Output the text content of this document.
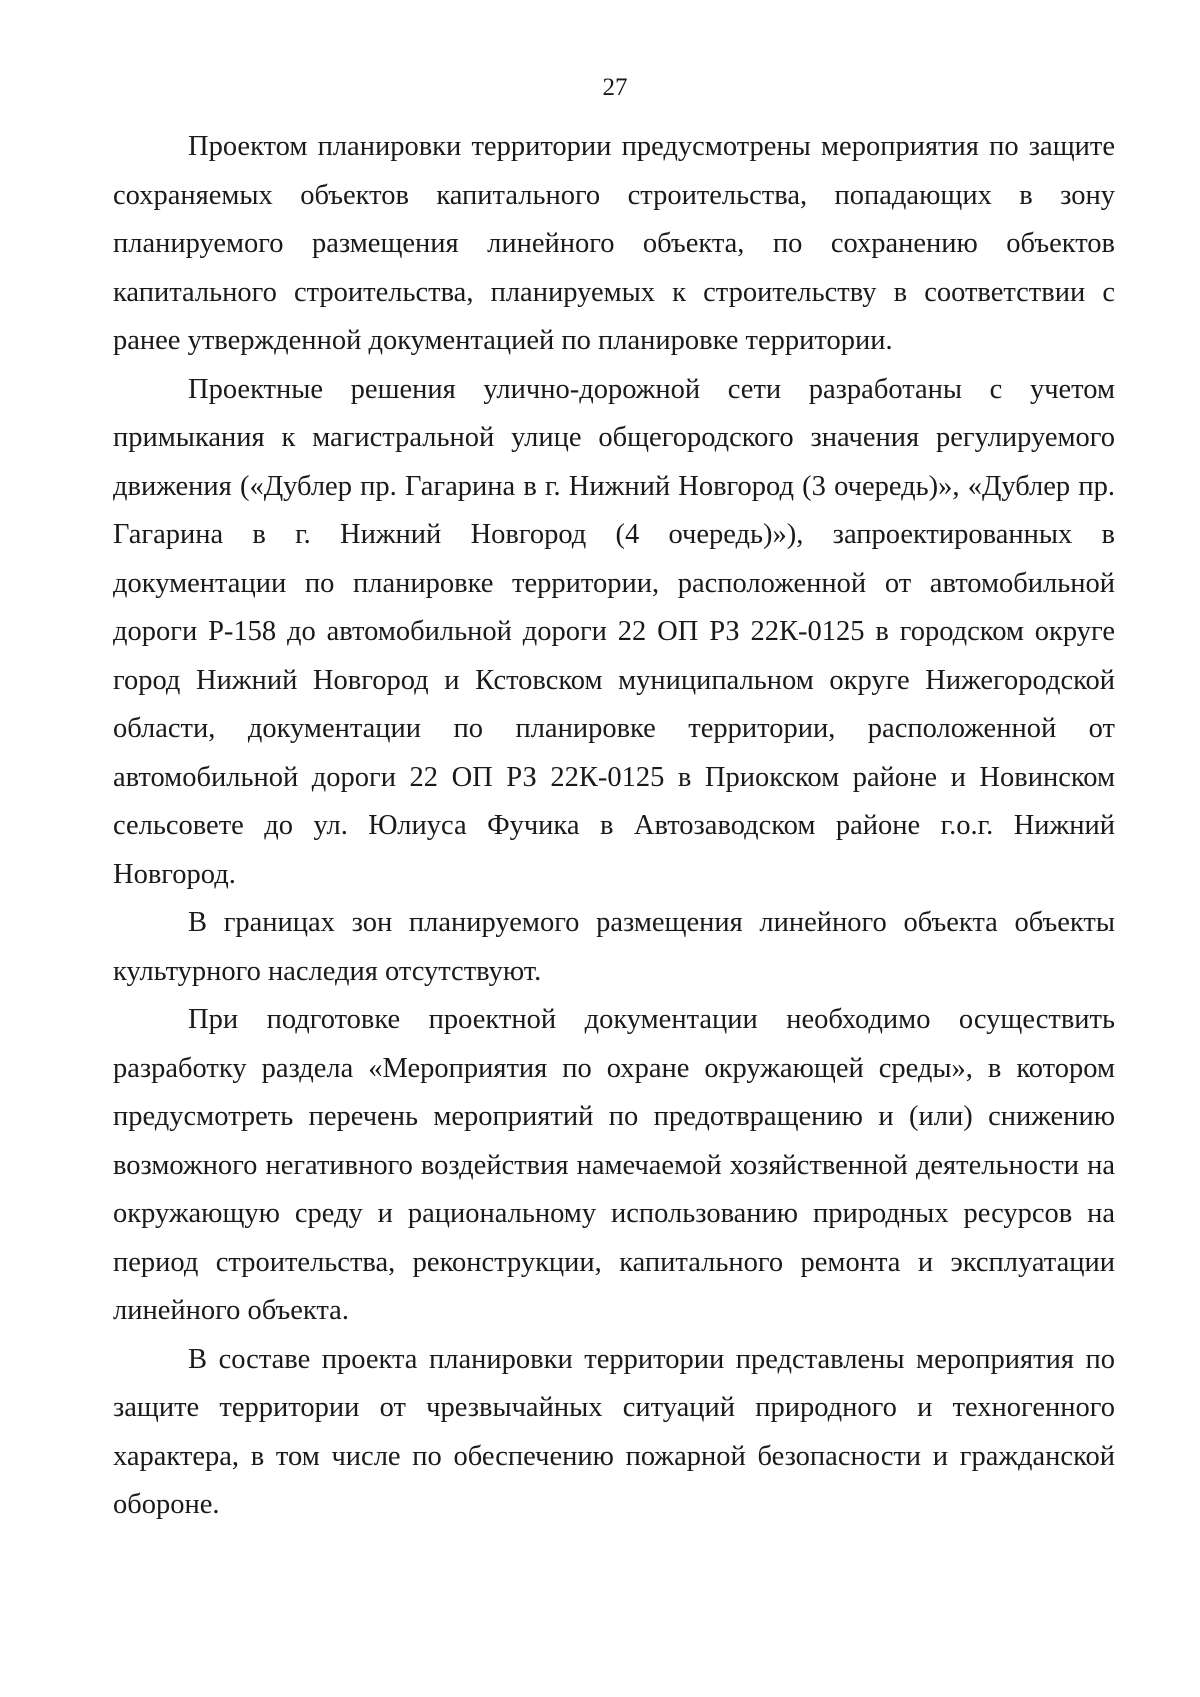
27

Проектом планировки территории предусмотрены мероприятия по защите сохраняемых объектов капитального строительства, попадающих в зону планируемого размещения линейного объекта, по сохранению объектов капитального строительства, планируемых к строительству в соответствии с ранее утвержденной документацией по планировке территории.

Проектные решения улично-дорожной сети разработаны с учетом примыкания к магистральной улице общегородского значения регулируемого движения («Дублер пр. Гагарина в г. Нижний Новгород (3 очередь)», «Дублер пр. Гагарина в г. Нижний Новгород (4 очередь)»), запроектированных в документации по планировке территории, расположенной от автомобильной дороги Р-158 до автомобильной дороги 22 ОП РЗ 22К-0125 в городском округе город Нижний Новгород и Кстовском муниципальном округе Нижегородской области, документации по планировке территории, расположенной от автомобильной дороги 22 ОП РЗ 22К-0125 в Приокском районе и Новинском сельсовете до ул. Юлиуса Фучика в Автозаводском районе г.о.г. Нижний Новгород.

В границах зон планируемого размещения линейного объекта объекты культурного наследия отсутствуют.

При подготовке проектной документации необходимо осуществить разработку раздела «Мероприятия по охране окружающей среды», в котором предусмотреть перечень мероприятий по предотвращению и (или) снижению возможного негативного воздействия намечаемой хозяйственной деятельности на окружающую среду и рациональному использованию природных ресурсов на период строительства, реконструкции, капитального ремонта и эксплуатации линейного объекта.

В составе проекта планировки территории представлены мероприятия по защите территории от чрезвычайных ситуаций природного и техногенного характера, в том числе по обеспечению пожарной безопасности и гражданской обороне.
